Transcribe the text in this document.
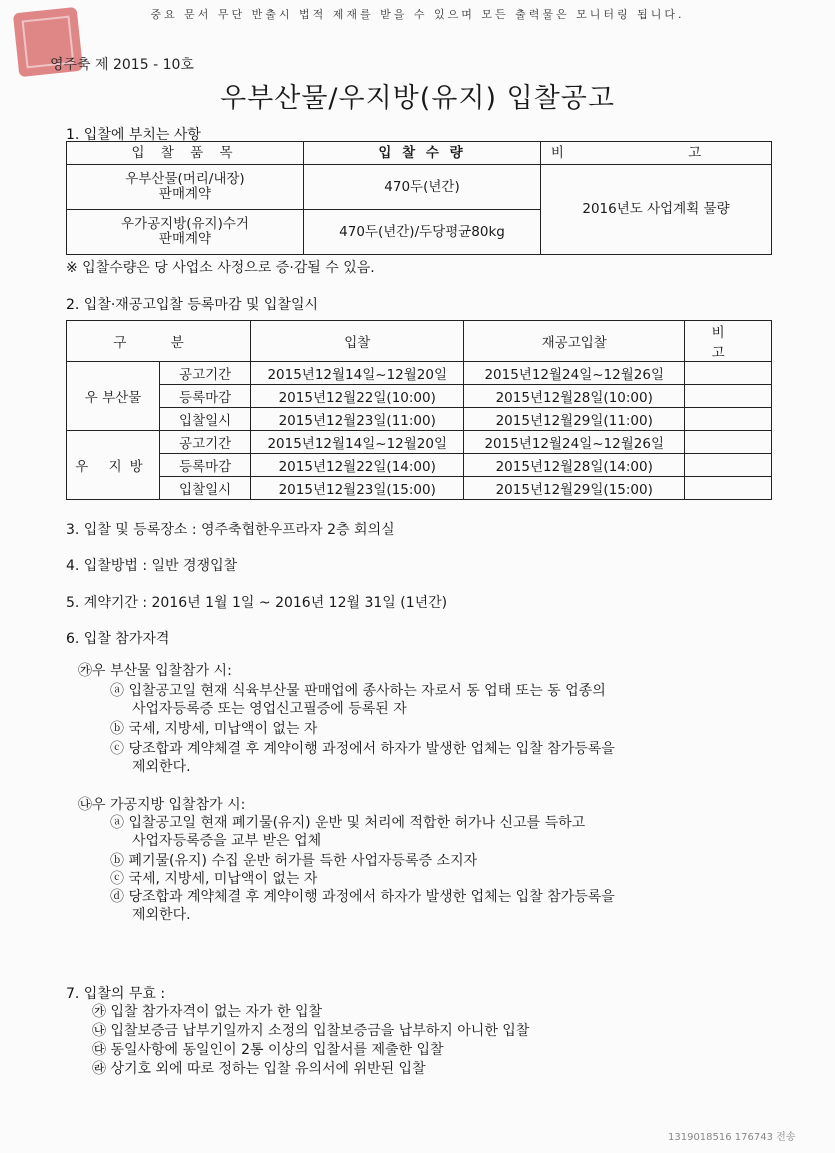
중요 문서 무단 반출시 법적 제재를 받을 수 있으며 모든 출력물은 모니터링 됩니다.
영주축 제 2015 - 10호
우부산물/우지방(유지) 입찰공고
1. 입찰에 부치는 사항
입 찰 품 목	입 찰 수 량	비 고

우부산물(머리/내장)
판매계약	470두(년간)	2016년도 사업계획 물량

우가공지방(유지)수거
판매계약	470두(년간)/두당평균80kg	
※ 입찰수량은 당 사업소 사정으로 증·감될 수 있음.
2. 입찰·재공고입찰 등록마감 및 입찰일시
구 분		입찰	재공고입찰	비 고
우 부산물	공고기간	2015년12월14일~12월20일	2015년12월24일~12월26일	
	등록마감	2015년12월22일(10:00)	2015년12월28일(10:00)	
	입찰일시	2015년12월23일(11:00)	2015년12월29일(11:00)	
우 지방	공고기간	2015년12월14일~12월20일	2015년12월24일~12월26일	
	등록마감	2015년12월22일(14:00)	2015년12월28일(14:00)	
	입찰일시	2015년12월23일(15:00)	2015년12월29일(15:00)	
3. 입찰 및 등록장소 : 영주축협한우프라자 2층 회의실
4. 입찰방법 : 일반 경쟁입찰
5. 계약기간 : 2016년 1월 1일 ~ 2016년 12월 31일 (1년간)
6. 입찰 참가자격
㉮우 부산물 입찰참가 시:
ⓐ 입찰공고일 현재 식육부산물 판매업에 종사하는 자로서 동 업태 또는 동 업종의
사업자등록증 또는 영업신고필증에 등록된 자
ⓑ 국세, 지방세, 미납액이 없는 자
ⓒ 당조합과 계약체결 후 계약이행 과정에서 하자가 발생한 업체는 입찰 참가등록을
제외한다.
㉯우 가공지방 입찰참가 시:
ⓐ 입찰공고일 현재 폐기물(유지) 운반 및 처리에 적합한 허가나 신고를 득하고
사업자등록증을 교부 받은 업체
ⓑ 폐기물(유지) 수집 운반 허가를 득한 사업자등록증 소지자
ⓒ 국세, 지방세, 미납액이 없는 자
ⓓ 당조합과 계약체결 후 계약이행 과정에서 하자가 발생한 업체는 입찰 참가등록을
제외한다.
7. 입찰의 무효 :
㉮ 입찰 참가자격이 없는 자가 한 입찰
㉯ 입찰보증금 납부기일까지 소정의 입찰보증금을 납부하지 아니한 입찰
㉰ 동일사항에 동일인이 2통 이상의 입찰서를 제출한 입찰
㉱ 상기호 외에 따로 정하는 입찰 유의서에 위반된 입찰
1319018516 176743 전송
